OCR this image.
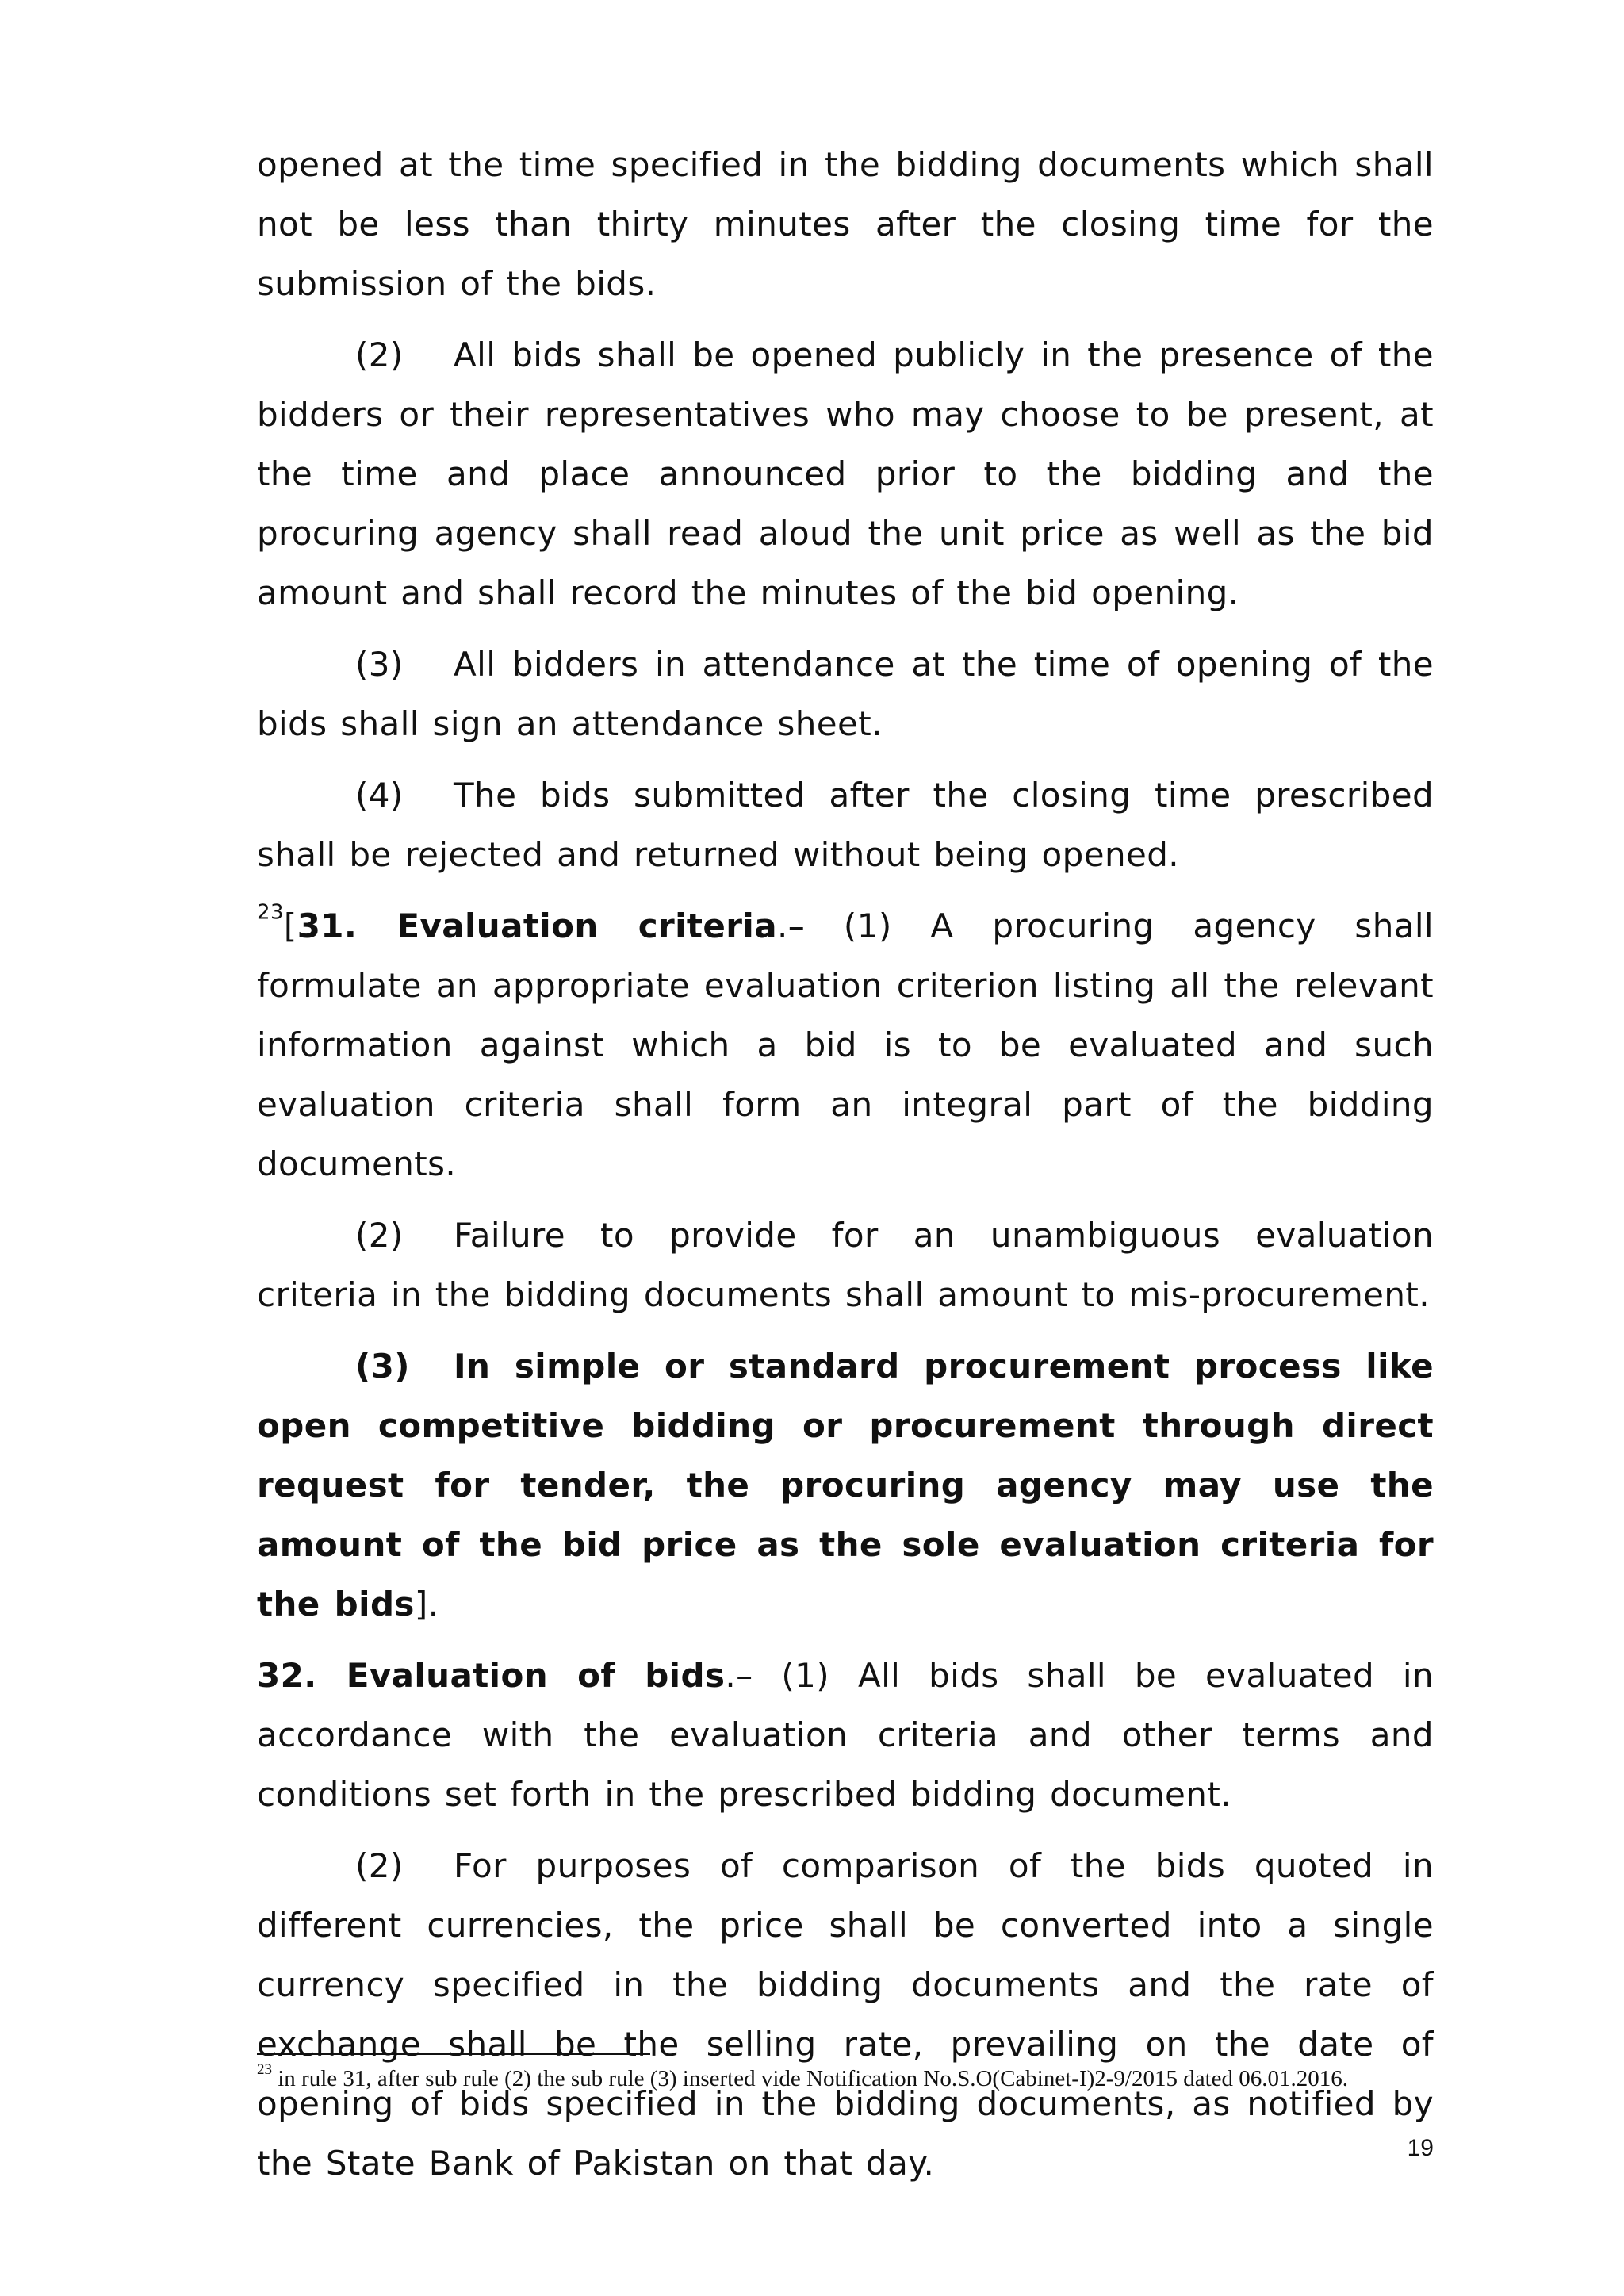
opened at the time specified in the bidding documents which shall not be less than thirty minutes after the closing time for the submission of the bids.

(2) All bids shall be opened publicly in the presence of the bidders or their representatives who may choose to be present, at the time and place announced prior to the bidding and the procuring agency shall read aloud the unit price as well as the bid amount and shall record the minutes of the bid opening.

(3) All bidders in attendance at the time of opening of the bids shall sign an attendance sheet.

(4) The bids submitted after the closing time prescribed shall be rejected and returned without being opened.

$^{23}$[31. Evaluation criteria.– (1) A procuring agency shall formulate an appropriate evaluation criterion listing all the relevant information against which a bid is to be evaluated and such evaluation criteria shall form an integral part of the bidding documents.

(2) Failure to provide for an unambiguous evaluation criteria in the bidding documents shall amount to mis-procurement.

(3) In simple or standard procurement process like open competitive bidding or procurement through direct request for tender, the procuring agency may use the amount of the bid price as the sole evaluation criteria for the bids].

32. Evaluation of bids.– (1) All bids shall be evaluated in accordance with the evaluation criteria and other terms and conditions set forth in the prescribed bidding document.

(2) For purposes of comparison of the bids quoted in different currencies, the price shall be converted into a single currency specified in the bidding documents and the rate of exchange shall be the selling rate, prevailing on the date of opening of bids specified in the bidding documents, as notified by the State Bank of Pakistan on that day.

$^{23}$ in rule 31, after sub rule (2) the sub rule (3) inserted vide Notification No.S.O(Cabinet-I)2-9/2015 dated 06.01.2016.
19
